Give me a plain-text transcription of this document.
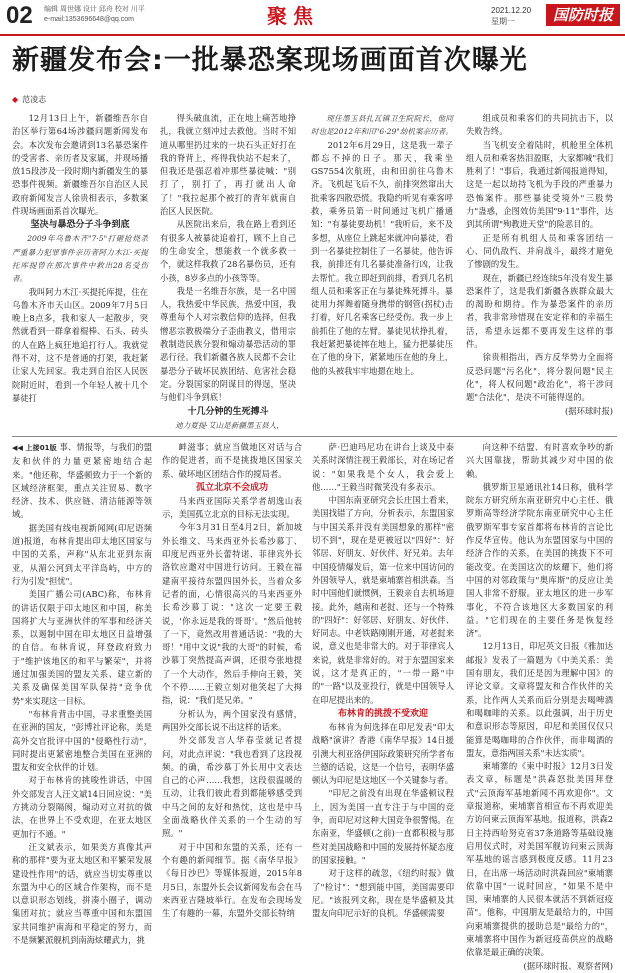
02 编辑 周世娜 设计 邱舟 校对 川平
e-mail:1353696648@qq.com	聚焦	2021.12.20
星期一	国防时报
新疆发布会:一批暴恐案现场画面首次曝光
◆ 范凌志

12月13日上午，新疆维吾尔自治区举行第64场涉疆问题新闻发布会。本次发布会邀请到13名暴恐案件的受害者、亲历者及家属，并现场播放15段涉及一段时期内新疆发生的暴恐事件视频。新疆维吾尔自治区人民政府新闻发言人徐贵相表示，多数案件现场画面系首次曝光。

坚决与暴恐分子斗争到底

2009年乌鲁木齐"7·5"打砸抢烧杀严重暴力犯罪事件亲历者阿力木江·买提托库提曾在那次事件中救出28名受伤者。

我叫阿力木江·买提托库提，住在乌鲁木齐市天山区。2009年7月5日晚上8点多，我和家人一起散步，突然就看到一群拿着棍棒、石头、砖头的人在路上疯狂地追打行人。我就觉得不对，这不是普通的打架，我赶紧让家人先回家。我走到自治区人民医院附近时，看到一个年轻人被十几个暴徒打

得头破血流，正在地上痛苦地挣扎，我就立刻冲过去救他。当时不知道从哪里扔过来的一块石头正好打在我的脊背上，疼得我快站不起来了，但我还是强忍着冲那些暴徒喊："别打了，别打了，再打就出人命了！"我拉起那个被打的青年就南自治区人民医院。

从医院出来后，我在路上看到还有很多人被暴徒追着打，顾不上自己的生命安全，想能救一个就多救一个，就这样我救了28名暴伤员，还有小孩，8岁多点的小孩等等。

我是一名维吾尔族，是一名中国人，我热爱中华民族，热爱中国，我尊重每个人对宗教信仰的选择，但我憎恶宗教极端分子歪曲教义，借用宗教制造民族分裂和煽动暴恐活动的罪恶行径。我们新疆各族人民都不会让暴恐分子破坏民族团结、危害社会稳定。分裂国家的阴谋目的得逞，坚决与他们斗争到底！

十几分钟的生死搏斗

迪力夏提·艾山是新疆墨玉县人，

现任墨玉县扎瓦镇卫生院院长，他同时也是2012年和田"6·29"劫机案亲历者。

2012年6月29日，这是我一辈子都忘不掉的日子。那天，我乘坐GS7554次航班，由和田前往乌鲁木齐。飞机起飞后不久，前排突然窜出大批乘客四散恐慌。我隐约听见有乘客呼救，乘务员第一时间通过飞机广播通知："有暴徒要劫机！"我听后，来不及多想，从座位上跳起来就冲向暴徒，看到一名暴徒控制住了一名暴徒，他告诉我，前排还有几名暴徒准备行凶，让我去帮忙。我立即赶到前排，看到几名机组人员和乘客正在与暴徒殊死搏斗。暴徒用力挥舞着随身携带的钢管(拐杖)击打着，好几名乘客已经受伤。我一步上前抓住了他的左臂。暴徒见状挣扎着，我赶紧把暴徒摔在地上，猛力把暴徒压在了他的身下，紧紧地压在他的身上，他的头被我牢牢地摁在地上。

组成员和乘客们的共同抗击下，以失败告终。

当飞机安全着陆时，机舱里全体机组人员和乘客热泪盈眶，大家都喊"我们胜利了！"事后，我通过新闻报道得知，这是一起以劫持飞机为手段的严重暴力恐怖案件。那些暴徒受境外"三股势力"蛊惑，企图效仿美国"9·11"事件，达到其所谓"殉教进天堂"的险恶目的。

正是所有机组人员和乘客团结一心、同仇敌忾、并肩战斗，最终才避免了惨剧的发生。

现在，新疆已经连续5年没有发生暴恐案件了，这是我们新疆各族群众最大的渴盼和期待。作为暴恐案件的亲历者，我非常珍惜现在安定祥和的幸福生活，希望永远都不要再发生这样的事件。

徐贵相指出，西方反华势力全面将反恐问题"污名化"，将分裂问题"民主化"，将人权问题"政治化"，将干涉问题"合法化"，是决不可能得逞的。

(据环球时报)

◀◀ 上接01版 事、情报等，与我们的盟友和伙伴的力量更紧密地结合起来。"他还称，华盛顿致力于一个新的区域经济框架，重点关注贸易、数字经济、技术、供应链、清洁能源等领域。

据美国有线电视新闻网(印尼语频道)报道，布林肯提出印太地区国家与中国的关系，声称"从东北亚到东南亚，从湄公河到太平洋岛屿，中方的行为引发"担忧"。

美国广播公司(ABC)称，布林肯的讲话仅限于印太地区和中国，称美国将扩大与亚洲伙伴的军事和经济关系，以遏制中国在印太地区日益增强的自信。布林肯说，拜登政府致力于"维护该地区的和平与繁荣"，并将通过加强美国的盟友关系、建立新的关系及确保美国军队保持"竞争优势"来实现这一目标。

"布林肯背击中国，寻求重整美国在亚洲的国友，"彭博社评论称，美是高外交官批评中国的"侵略性行动"，同时提出更紧密地整合美国在亚洲的盟友和安全伙伴的计划。

对于布林肯的挑唆性讲话，中国外交部发言人汪文斌14日回应说："美方挑动分裂隔阂，煽动对立对抗的做法，在世界上不受欢迎，在亚太地区更加行不通。"

汪文斌表示，如果美方真像其声称的那样"要为亚太地区和平繁荣发展建设性作用"的话，就应当切实尊重以东盟为中心的区域合作架构，而不是以意识形态划线，拼凑小圈子，调动集团对抗；就应当尊重中国和东盟国家共同维护南海和平稳定的努力，而不是频繁派舰机到南海炫耀武力，挑

衅滋事；就应当做地区对话与合作的促进者，而不是挑拨地区国家关系、破坏地区团结合作的搅局者。

孤立北京不会成功

马来西亚国际关系学者胡逸山表示，美国孤立北京的目标无法实现。

今年3月31日至4月2日，新加坡外长维文、马来西亚外长希沙慕丁、印度尼西亚外长蕾特诺、菲律宾外长洛钦应邀对中国进行访问。王毅在福建南平接待东盟四国外长，当着众多记者的面，心情很高兴的马来西亚外长希沙慕丁说："这次一定要王毅说，'你永远是我的哥哥'。"然后他转了一下，竟然改用普通话说："我的大哥！"用中文说"我的大哥"的时候，希沙慕丁突然提高声调，还很夸张地提了一个大动作，然后手伸向王毅，笑个不停……王毅立刻对他笑起了大拇指，说："我们是兄弟。"

分析认为，两个国家没有感情，两国外交部长说不出这样的话来。

外交部发言人华春莹就记者提问，对此点评说："我也看到了这段视频。的确，希沙慕丁外长用中文表达自己的心声……我想，这段很温暖的互动，让我们彼此看到都能够感受到中马之间的友好和热忱，这也是中马全面战略伙伴关系的一个生动的写照。"

对于中国和东盟的关系，还有一个有趣的新闻细节。据《南华早报》《每日沙巴》等媒体报道，2015年8月5日，东盟外长会议新闻发布会在马来西亚吉隆坡举行。在发布会现场发生了有趣的一幕，东盟外交部长特纳

萨·巴迪玛尼功在讲台上谈及中泰关系时深情注视王毅部长，对在场记者说："如果我是个女人，我会爱上他……"王毅当时微笑没有多表示。

中国东南亚研究会长庄国土看来，美国找错了方向，分析表示，东盟国家与中国关系并没有美国想象的那样"密切不到"，现在是更被冠以"四好"：好邻居、好朋友、好伙伴、好兄弟。去年中国疫情爆发后，第一位来中国访问的外国领导人，就是柬埔寨首相洪森。当时中国他们就惯例，王毅亲自去机场迎接。此外，越南和老挝、还与一个特殊的"四好"：好邻居、好朋友、好伙伴、好同志。中老铁路刚刚开通，对老挝来说，意义也是非常大的。对于菲律宾人来说，就是非常好的。对于东盟国家来说，这才是真正的，"一带一路"中的"一路"以及亚投行，就是中国领导人在印尼提出来的。

布林肯的挑拨不受欢迎

布林肯为何选择在印尼发表"印太战略"演讲？香港《南华早报》14日援引澳大利亚洛伊国际政策研究所学者布兰德的话说，这是一个信号，表明华盛顿认为印尼是这地区一个关键参与者。

"印尼之前没有出现在华盛顿议程上，因为美国一直专注于与中国的竞争，而印尼对这种大国竞争很警惕。在东南亚，华盛顿(之前)一直都积极与那些对美国战略和中国的发展持怀疑态度的国家接触。"

对于这样的疏忽，《纽约时报》做了"检讨"："想到能中国，美国需要印尼。"该报列文称，现在是华盛顿及其盟友向印尼示好的良机。华盛顿需要

向这种不结盟、有时喜欢争吵的新兴大国靠拢，帮助其减少对中国的依赖。

俄罗斯卫星通讯社14日称，俄科学院东方研究所东南亚研究中心主任、俄罗斯高等经济学院东南亚研究中心主任俄罗斯军事专家首都将布林肯的言论比作反华宣传。他认为东盟国家与中国的经济合作的关系，在美国的挑拨下不可能改变。在美国这次的炫耀下，他们将中国的对邻政策与"奥库斯"的反应让美国人非常不舒服。亚太地区的进一步军事化，不符合该地区大多数国家的利益。"它们现在的主要任务是恢复经济"。

12月13日，印尼英文日报《雅加达邮报》发表了一篇题为《中美关系：美国有朋友，我们还是因为理解中国》的评论文章。文章将盟友和合作伙伴的关系，比作两人关系而后分别是去喝啤酒和喝咖啡的关系。以此强调，出于历史和意识形态等原因，印尼和美国仅仅只能算是喝咖啡的合作伙伴，而非喝酒的盟友，意指两国关系"未达实质"。

柬埔寨的《柬中时报》12月3日发表文章，标题是"洪森怒批美国拜登式"云顶海军基地新闻不再欢迎你"。文章报道称，柬埔寨首相宣布不再欢迎美方访问柬云顶海军基地。报道称，洪森2日主持西哈努克省37条道路等基础设施启用仪式时，对美国军舰访问柬云顶海军基地的谣言感到极度反感。11月23日，在出席一场活动时洪森回应"柬埔寨依靠中国"一说时回应，"如果不是中国，柬埔寨的人民很本就活不到新冠疫苗"。他称，中国朋友是最给力的，中国向柬埔寨提供的援助总是"最给力的"，柬埔寨将中国作为新冠疫苗供应的战略依靠是最正确的决策。

(据环球时报、观察者网)
